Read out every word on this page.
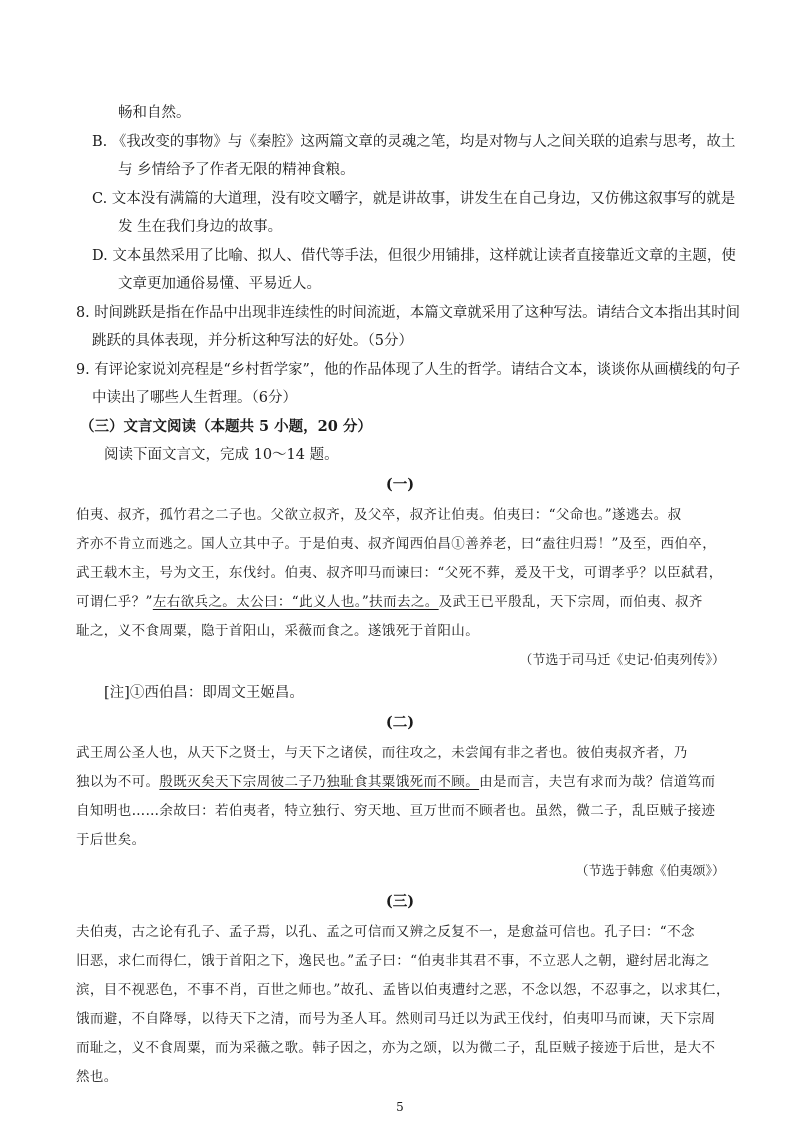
畅和自然。
B. 《我改变的事物》与《秦腔》这两篇文章的灵魂之笔，均是对物与人之间关联的追索与思考，故土
与 乡情给予了作者无限的精神食粮。
C. 文本没有满篇的大道理，没有咬文嚼字，就是讲故事，讲发生在自己身边，又仿佛这叙事写的就是
发 生在我们身边的故事。
D. 文本虽然采用了比喻、拟人、借代等手法，但很少用铺排，这样就让读者直接靠近文章的主题，使
文章更加通俗易懂、平易近人。
8. 时间跳跃是指在作品中出现非连续性的时间流逝，本篇文章就采用了这种写法。请结合文本指出其时间
跳跃的具体表现，并分析这种写法的好处。（5分）
9. 有评论家说刘亮程是“乡村哲学家”，他的作品体现了人生的哲学。请结合文本，谈谈你从画横线的句子
中读出了哪些人生哲理。（6分）
（三）文言文阅读（本题共 5 小题，20 分）
阅读下面文言文，完成 10～14 题。
(一)
伯夷、叔齐，孤竹君之二子也。父欲立叔齐，及父卒，叔齐让伯夷。伯夷曰：“父命也。”遂逃去。叔
齐亦不肯立而逃之。国人立其中子。于是伯夷、叔齐闻西伯昌①善养老，曰“盍往归焉！”及至，西伯卒，
武王载木主，号为文王，东伐纣。伯夷、叔齐叩马而谏曰：“父死不葬，爰及干戈，可谓孝乎？以臣弑君，
可谓仁乎？”左右欲兵之。太公曰：“此义人也。”扶而去之。及武王已平殷乱，天下宗周，而伯夷、叔齐
耻之，义不食周粟，隐于首阳山，采薇而食之。遂饿死于首阳山。
（节选于司马迁《史记·伯夷列传》）
[注]①西伯昌：即周文王姬昌。
(二)
武王周公圣人也，从天下之贤士，与天下之诸侯，而往攻之，未尝闻有非之者也。彼伯夷叔齐者，乃
独以为不可。殷既灭矣天下宗周彼二子乃独耻食其粟饿死而不顾。由是而言，夫岂有求而为哉？信道笃而
自知明也……余故曰：若伯夷者，特立独行、穷天地、亘万世而不顾者也。虽然，微二子，乱臣贼子接迹
于后世矣。
（节选于韩愈《伯夷颂》）
(三)
夫伯夷，古之论有孔子、孟子焉，以孔、孟之可信而又辨之反复不一，是愈益可信也。孔子曰：“不念
旧恶，求仁而得仁，饿于首阳之下，逸民也。”孟子曰：“伯夷非其君不事，不立恶人之朝，避纣居北海之
滨，目不视恶色，不事不肖，百世之师也。”故孔、孟皆以伯夷遭纣之恶，不念以怨，不忍事之，以求其仁，
饿而避，不自降辱，以待天下之清，而号为圣人耳。然则司马迁以为武王伐纣，伯夷叩马而谏，天下宗周
而耻之，义不食周粟，而为采薇之歌。韩子因之，亦为之颂，以为微二子，乱臣贼子接迹于后世，是大不
然也。
5
